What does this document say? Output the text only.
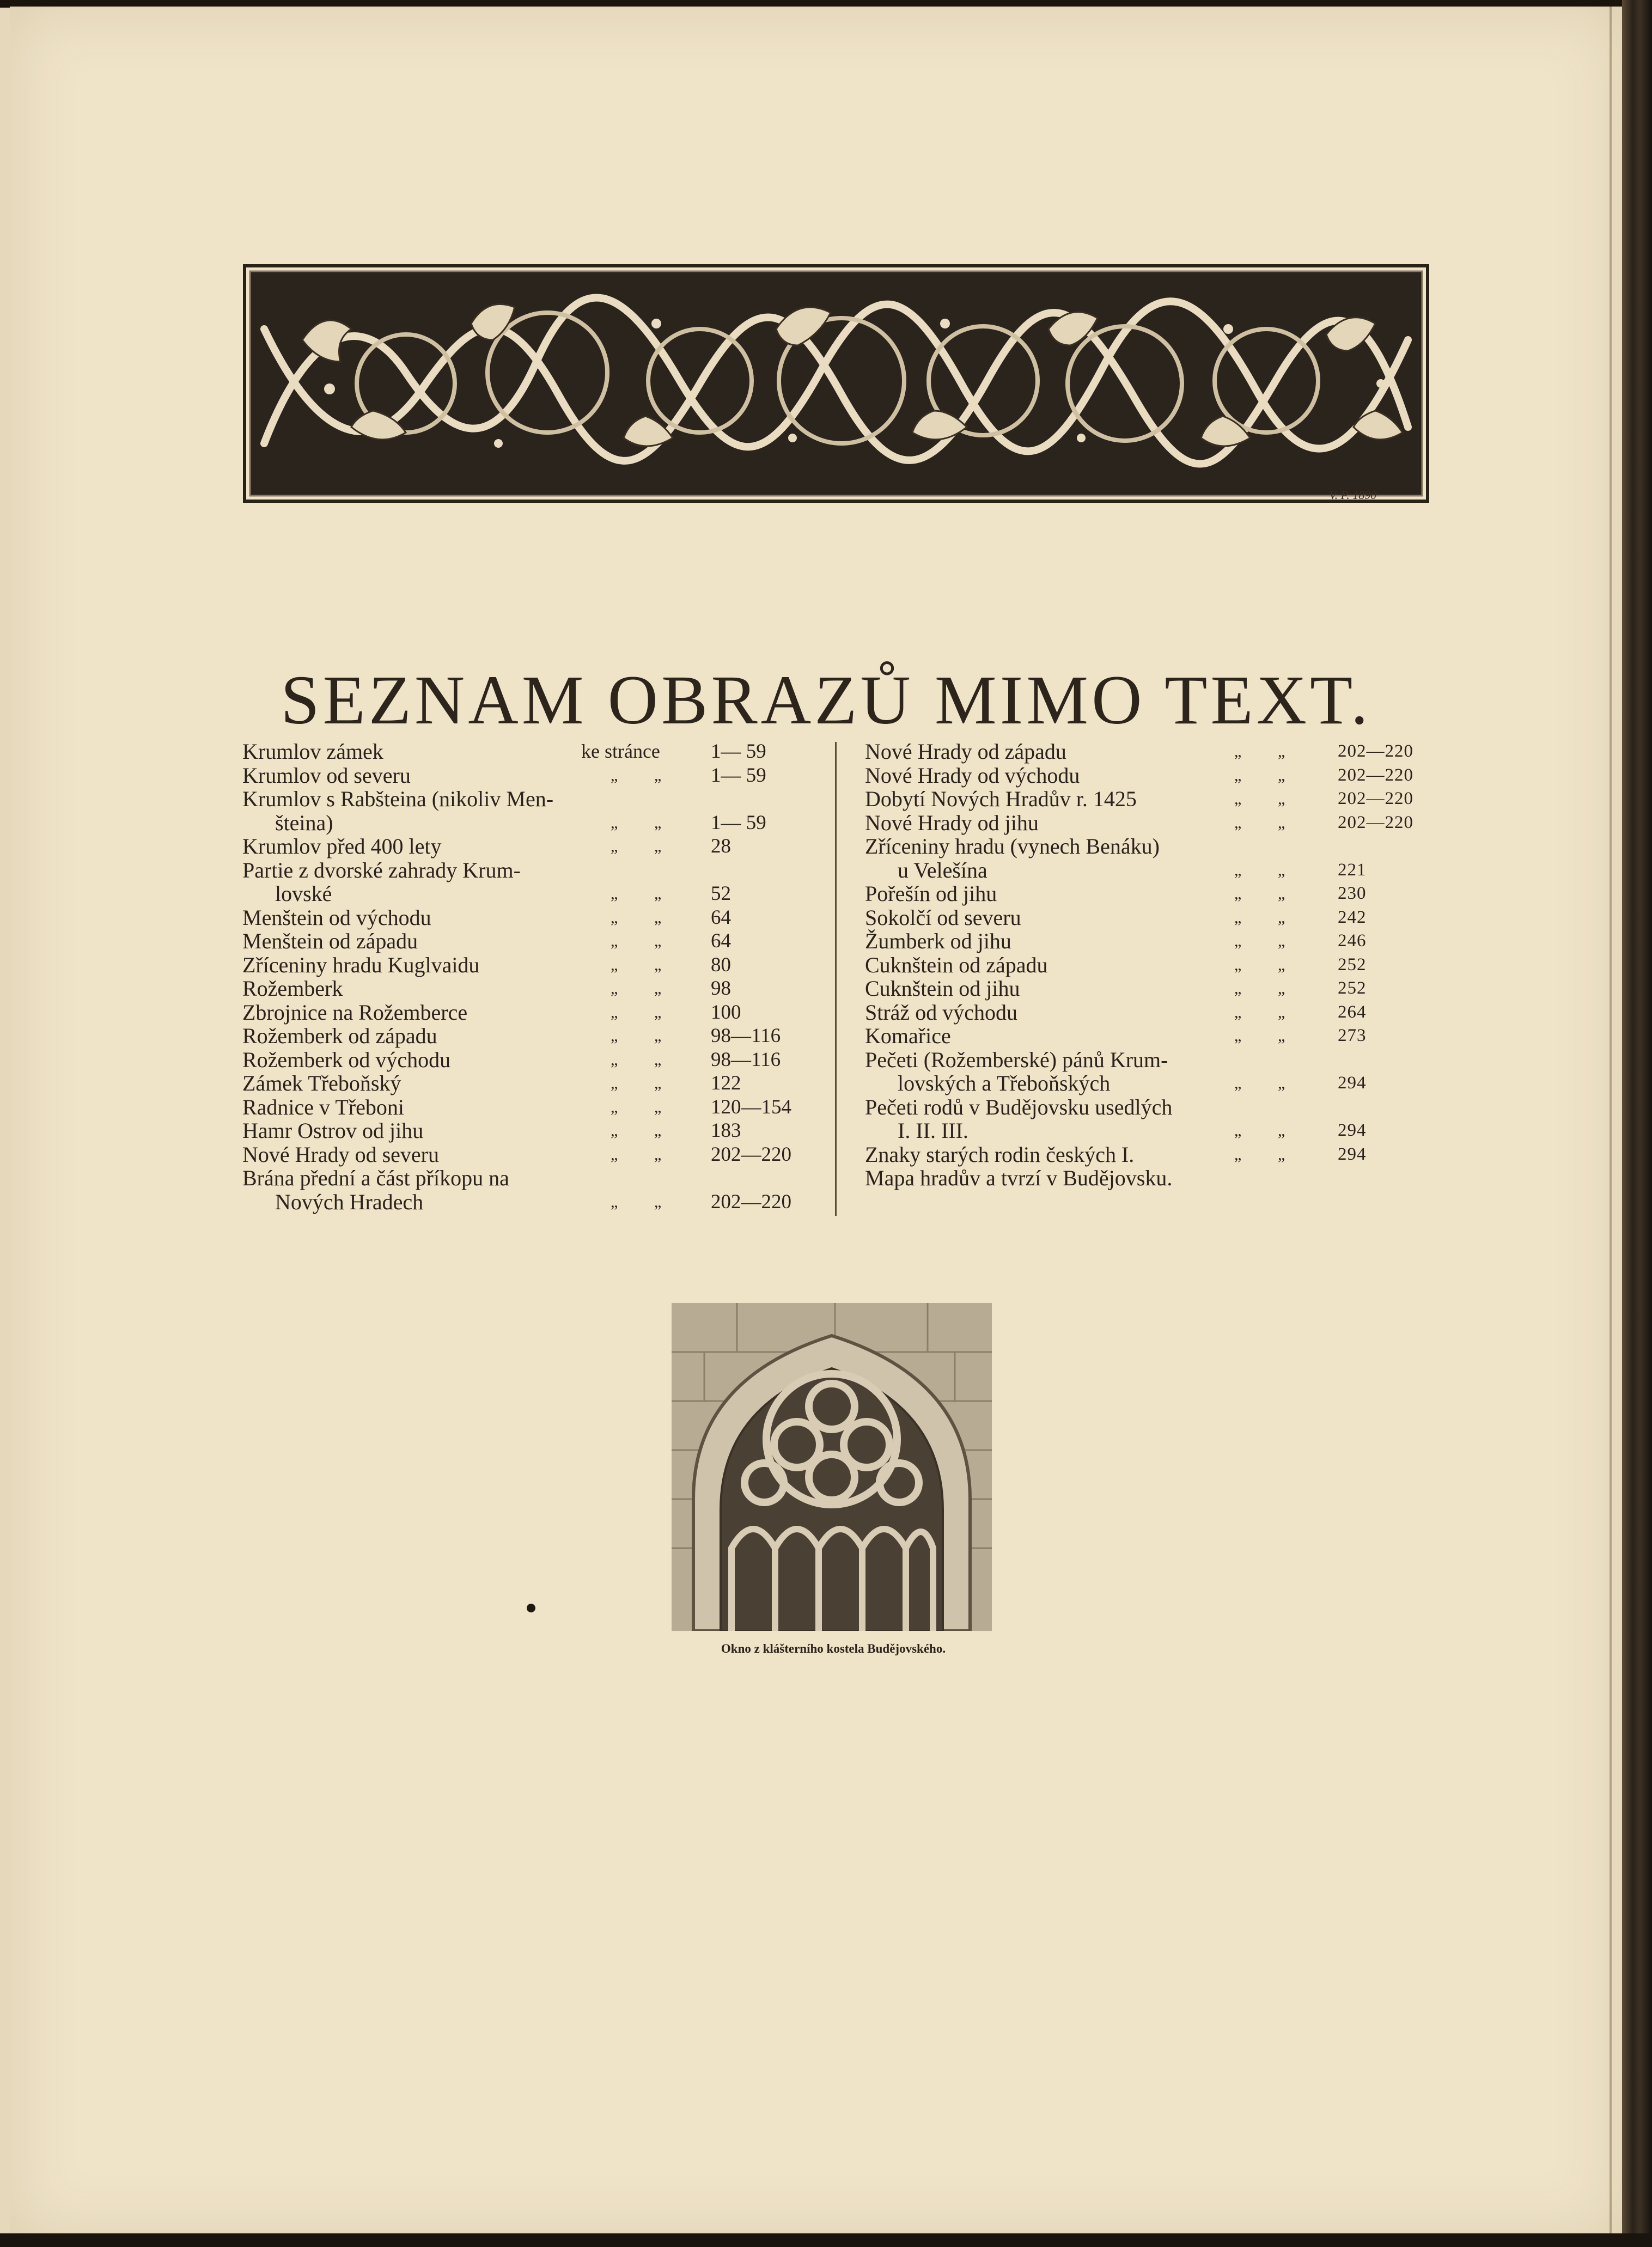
V. P. 1890
SEZNAM OBRAZŮ MIMO TEXT.
Krumlov zámek	ke stránce	1— 59
Krumlov od severu	„ „ 1— 59
Krumlov s Rabšteina (nikoliv Men-
šteina)	„ „ 1— 59
Krumlov před 400 lety	„ „ 28
Partie z dvorské zahrady Krum-
lovské	„ „ 52
Menštein od východu	„ „ 64
Menštein od západu	„ „ 64
Zříceniny hradu Kuglvaidu	„ „ 80
Rožemberk	„ „ 98
Zbrojnice na Rožemberce	„ „ 100
Rožemberk od západu	„ „ 98—116
Rožemberk od východu	„ „ 98—116
Zámek Třeboňský	„ „ 122
Radnice v Třeboni	„ „ 120—154
Hamr Ostrov od jihu	„ „ 183
Nové Hrady od severu	„ „ 202—220
Brána přední a část příkopu na
Nových Hradech	„ „ 202—220
Nové Hrady od západu	„ „	202—220
Nové Hrady od východu	„ „	202—220
Dobytí Nových Hradův r. 1425	„ „	202—220
Nové Hrady od jihu	„ „	202—220
Zříceniny hradu (vynech Benáku)
u Velešína	„ „	221
Pořešín od jihu	„ „	230
Sokolčí od severu	„ „	242
Žumberk od jihu	„ „	246
Cuknštein od západu	„ „	252
Cuknštein od jihu	„ „	252
Stráž od východu	„ „	264
Komařice	„ „	273
Pečeti (Rožemberské) pánů Krum-
lovských a Třeboňských	„ „	294
Pečeti rodů v Budějovsku usedlých
I. II. III.	„ „	294
Znaky starých rodin českých I.	„ „	294
Mapa hradův a tvrzí v Budějovsku.
Okno z klášterního kostela Budějovského.
